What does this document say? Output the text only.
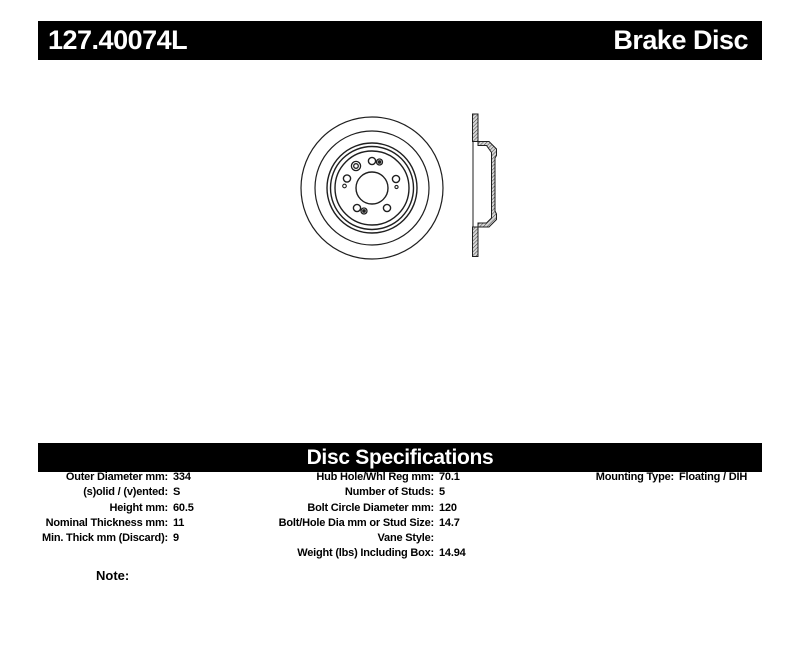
127.40074L	Brake Disc
Disc Specifications
Outer Diameter mm: 334
(s)olid / (v)ented: S
Height mm: 60.5
Nominal Thickness mm: 11
Min. Thick mm (Discard): 9
Hub Hole/Whl Reg mm: 70.1
Number of Studs: 5
Bolt Circle Diameter mm: 120
Bolt/Hole Dia mm or Stud Size: 14.7
Vane Style:
Weight (lbs) Including Box: 14.94
Mounting Type: Floating / DIH
Note:
